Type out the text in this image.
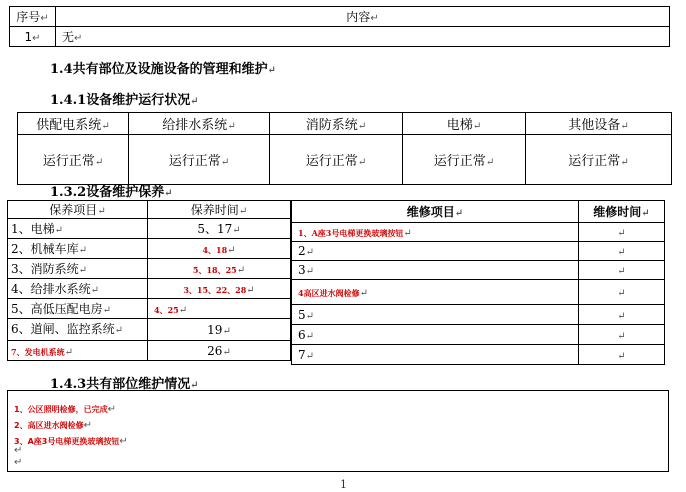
序号↵	内容↵
1↵	无↵
1.4共有部位及设施设备的管理和维护↵
1.4.1设备维护运行状况↵
供配电系统↵	给排水系统↵	消防系统↵	电梯↵	其他设备↵
运行正常↵	运行正常↵	运行正常↵	运行正常↵	运行正常↵
1.3.2设备维护保养↵
保养项目↵	保养时间↵
1、电梯↵	5、17↵
2、机械车库↵	4、18↵
3、消防系统↵	5、18、25↵
4、给排水系统↵	3、15、22、28↵
5、高低压配电房↵	4、25↵
6、道闸、监控系统↵	19↵
7、发电机系统↵	26↵
维修项目↵	维修时间↵
1、A座3号电梯更换玻璃按钮↵	↵
2↵	↵
3↵	↵
4高区进水阀检修↵	↵
5↵	↵
6↵	↵
7↵	↵
1.4.3共有部位维护情况↵
1、公区照明检修，已完成↵
2、高区进水阀检修↵
3、A座3号电梯更换玻璃按钮↵
↵
↵
1
